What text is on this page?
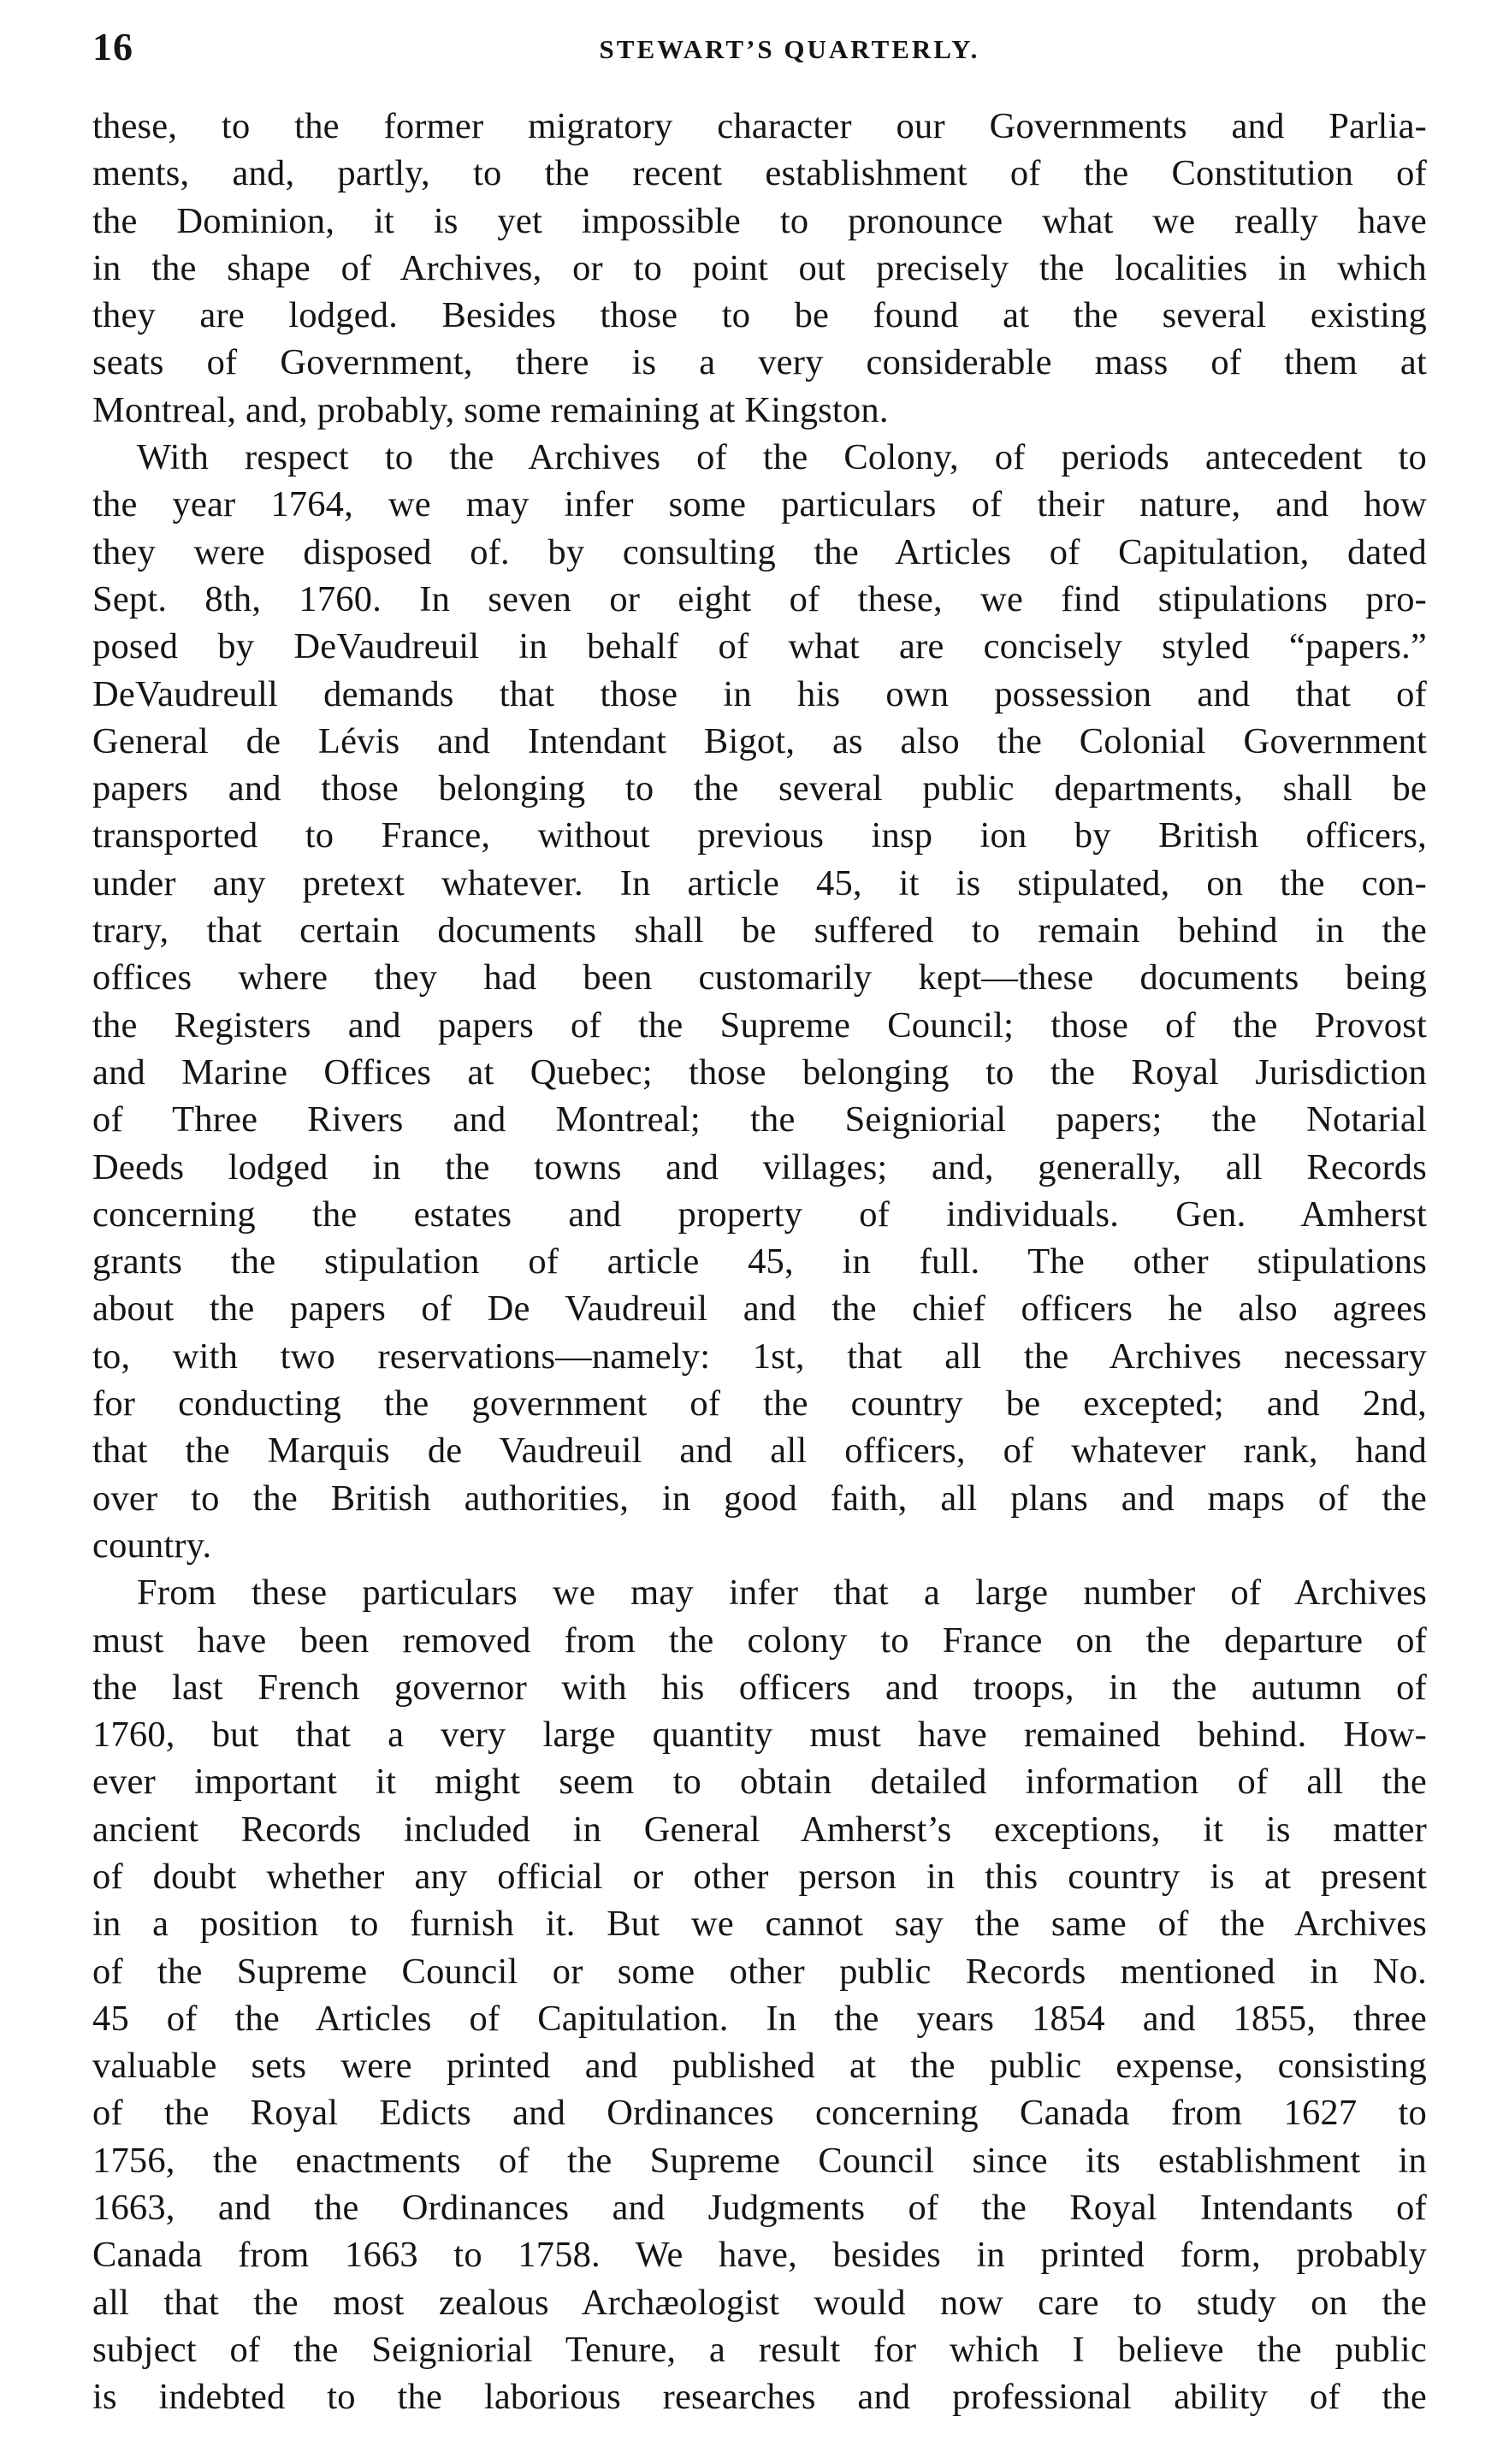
16	STEWART’S QUARTERLY.
these, to the former migratory character our Governments and Parlia-
ments, and, partly, to the recent establishment of the Constitution of
the Dominion, it is yet impossible to pronounce what we really have
in the shape of Archives, or to point out precisely the localities in which
they are lodged. Besides those to be found at the several existing
seats of Government, there is a very considerable mass of them at
Montreal, and, probably, some remaining at Kingston.
With respect to the Archives of the Colony, of periods antecedent to
the year 1764, we may infer some particulars of their nature, and how
they were disposed of. by consulting the Articles of Capitulation, dated
Sept. 8th, 1760. In seven or eight of these, we find stipulations pro-
posed by DeVaudreuil in behalf of what are concisely styled “papers.”
DeVaudreull demands that those in his own possession and that of
General de Lévis and Intendant Bigot, as also the Colonial Government
papers and those belonging to the several public departments, shall be
transported to France, without previous insp ion by British officers,
under any pretext whatever. In article 45, it is stipulated, on the con-
trary, that certain documents shall be suffered to remain behind in the
offices where they had been customarily kept—these documents being
the Registers and papers of the Supreme Council; those of the Provost
and Marine Offices at Quebec; those belonging to the Royal Jurisdiction
of Three Rivers and Montreal; the Seigniorial papers; the Notarial
Deeds lodged in the towns and villages; and, generally, all Records
concerning the estates and property of individuals. Gen. Amherst
grants the stipulation of article 45, in full. The other stipulations
about the papers of De Vaudreuil and the chief officers he also agrees
to, with two reservations—namely: 1st, that all the Archives necessary
for conducting the government of the country be excepted; and 2nd,
that the Marquis de Vaudreuil and all officers, of whatever rank, hand
over to the British authorities, in good faith, all plans and maps of the
country.
From these particulars we may infer that a large number of Archives
must have been removed from the colony to France on the departure of
the last French governor with his officers and troops, in the autumn of
1760, but that a very large quantity must have remained behind. How-
ever important it might seem to obtain detailed information of all the
ancient Records included in General Amherst’s exceptions, it is matter
of doubt whether any official or other person in this country is at present
in a position to furnish it. But we cannot say the same of the Archives
of the Supreme Council or some other public Records mentioned in No.
45 of the Articles of Capitulation. In the years 1854 and 1855, three
valuable sets were printed and published at the public expense, consisting
of the Royal Edicts and Ordinances concerning Canada from 1627 to
1756, the enactments of the Supreme Council since its establishment in
1663, and the Ordinances and Judgments of the Royal Intendants of
Canada from 1663 to 1758. We have, besides in printed form, probably
all that the most zealous Archæologist would now care to study on the
subject of the Seigniorial Tenure, a result for which I believe the public
is indebted to the laborious researches and professional ability of the
